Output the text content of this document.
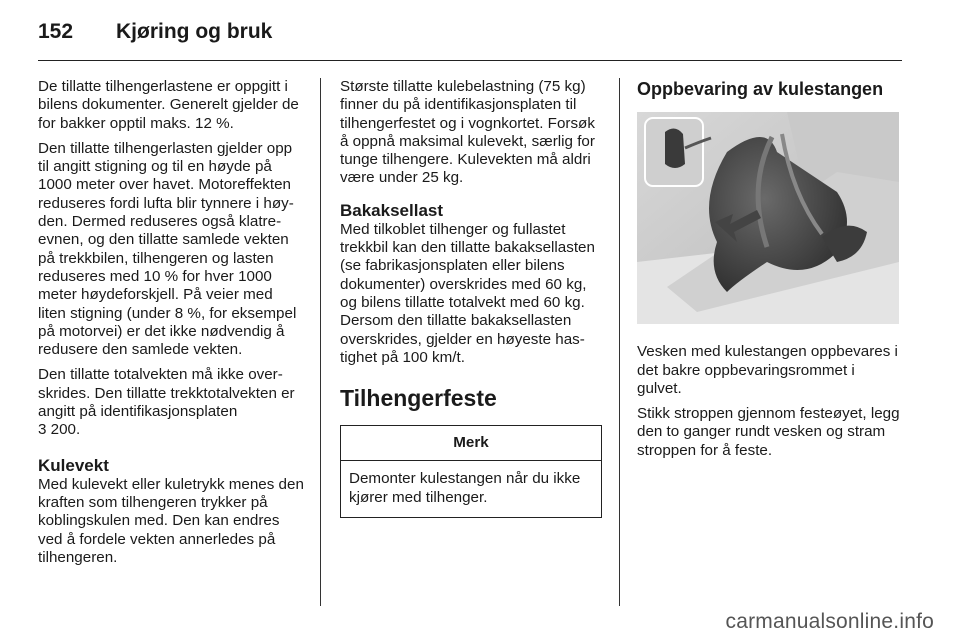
152 Kjøring og bruk

De tillatte tilhengerlastene er oppgitt i bilens dokumenter. Generelt gjelder de for bakker opptil maks. 12 %.

Den tillatte tilhengerlasten gjelder opp til angitt stigning og til en høyde på 1000 meter over havet. Motoreffekten reduseres fordi lufta blir tynnere i høyden. Dermed reduseres også klatreevnen, og den tillatte samlede vekten på trekkbilen, tilhengeren og lasten reduseres med 10 % for hver 1000 meter høydeforskjell. På veier med liten stigning (under 8 %, for eksempel på motorvei) er det ikke nødvendig å redusere den samlede vekten.

Den tillatte totalvekten må ikke overskrides. Den tillatte trekktotalvekten er angitt på identifikasjonsplaten
3 200.

Kulevekt

Med kulevekt eller kuletrykk menes den kraften som tilhengeren trykker på koblingskulen med. Den kan endres ved å fordele vekten annerledes på tilhengeren.

Største tillatte kulebelastning (75 kg) finner du på identifikasjonsplaten til tilhengerfestet og i vognkortet. Forsøk å oppnå maksimal kulevekt, særlig for tunge tilhengere. Kulevekten må aldri være under 25 kg.

Bakaksellast

Med tilkoblet tilhenger og fullastet trekkbil kan den tillatte bakaksellasten (se fabrikasjonsplaten eller bilens dokumenter) overskrides med 60 kg, og bilens tillatte totalvekt med 60 kg. Dersom den tillatte bakaksellasten overskrides, gjelder en høyeste hastighet på 100 km/t.

Tilhengerfeste
Merk
Demonter kulestangen når du ikke kjører med tilhenger.
Oppbevaring av kulestangen

Vesken med kulestangen oppbevares i det bakre oppbevaringsrommet i gulvet.

Stikk stroppen gjennom festeøyet, legg den to ganger rundt vesken og stram stroppen for å feste.

carmanualsonline.info
